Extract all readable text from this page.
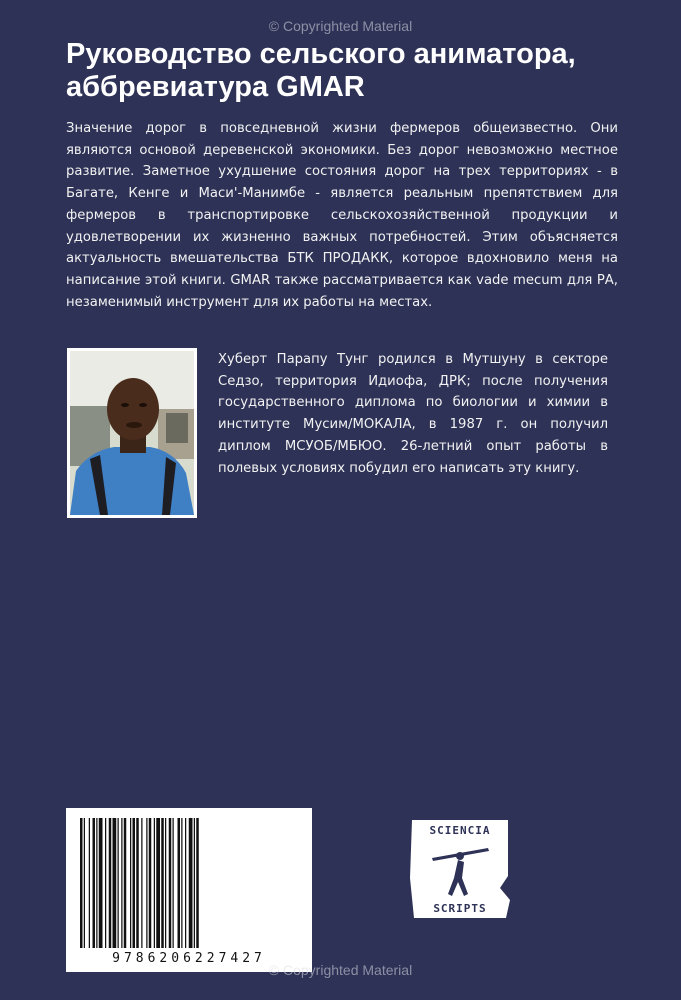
© Copyrighted Material
Руководство сельского аниматора, аббревиатура GMAR

Значение дорог в повседневной жизни фермеров общеизвестно. Они являются основой деревенской экономики. Без дорог невозможно местное развитие. Заметное ухудшение состояния дорог на трех территориях - в Багате, Кенге и Маси'-Манимбе - является реальным препятствием для фермеров в транспортировке сельскохозяйственной продукции и удовлетворении их жизненно важных потребностей. Этим объясняется актуальность вмешательства БТК ПРОДАКК, которое вдохновило меня на написание этой книги. GMAR также рассматривается как vade mecum для РА, незаменимый инструмент для их работы на местах.

Хуберт Парапу Тунг родился в Мутшуну в секторе Седзо, территория Идиофа, ДРК; после получения государственного диплома по биологии и химии в институте Мусим/МОКАЛА, в 1987 г. он получил диплом МСУОБ/МБЮО. 26-летний опыт работы в полевых условиях побудил его написать эту книгу.

9786206227427
SCIENCIA
SCRIPTS
© Copyrighted Material
